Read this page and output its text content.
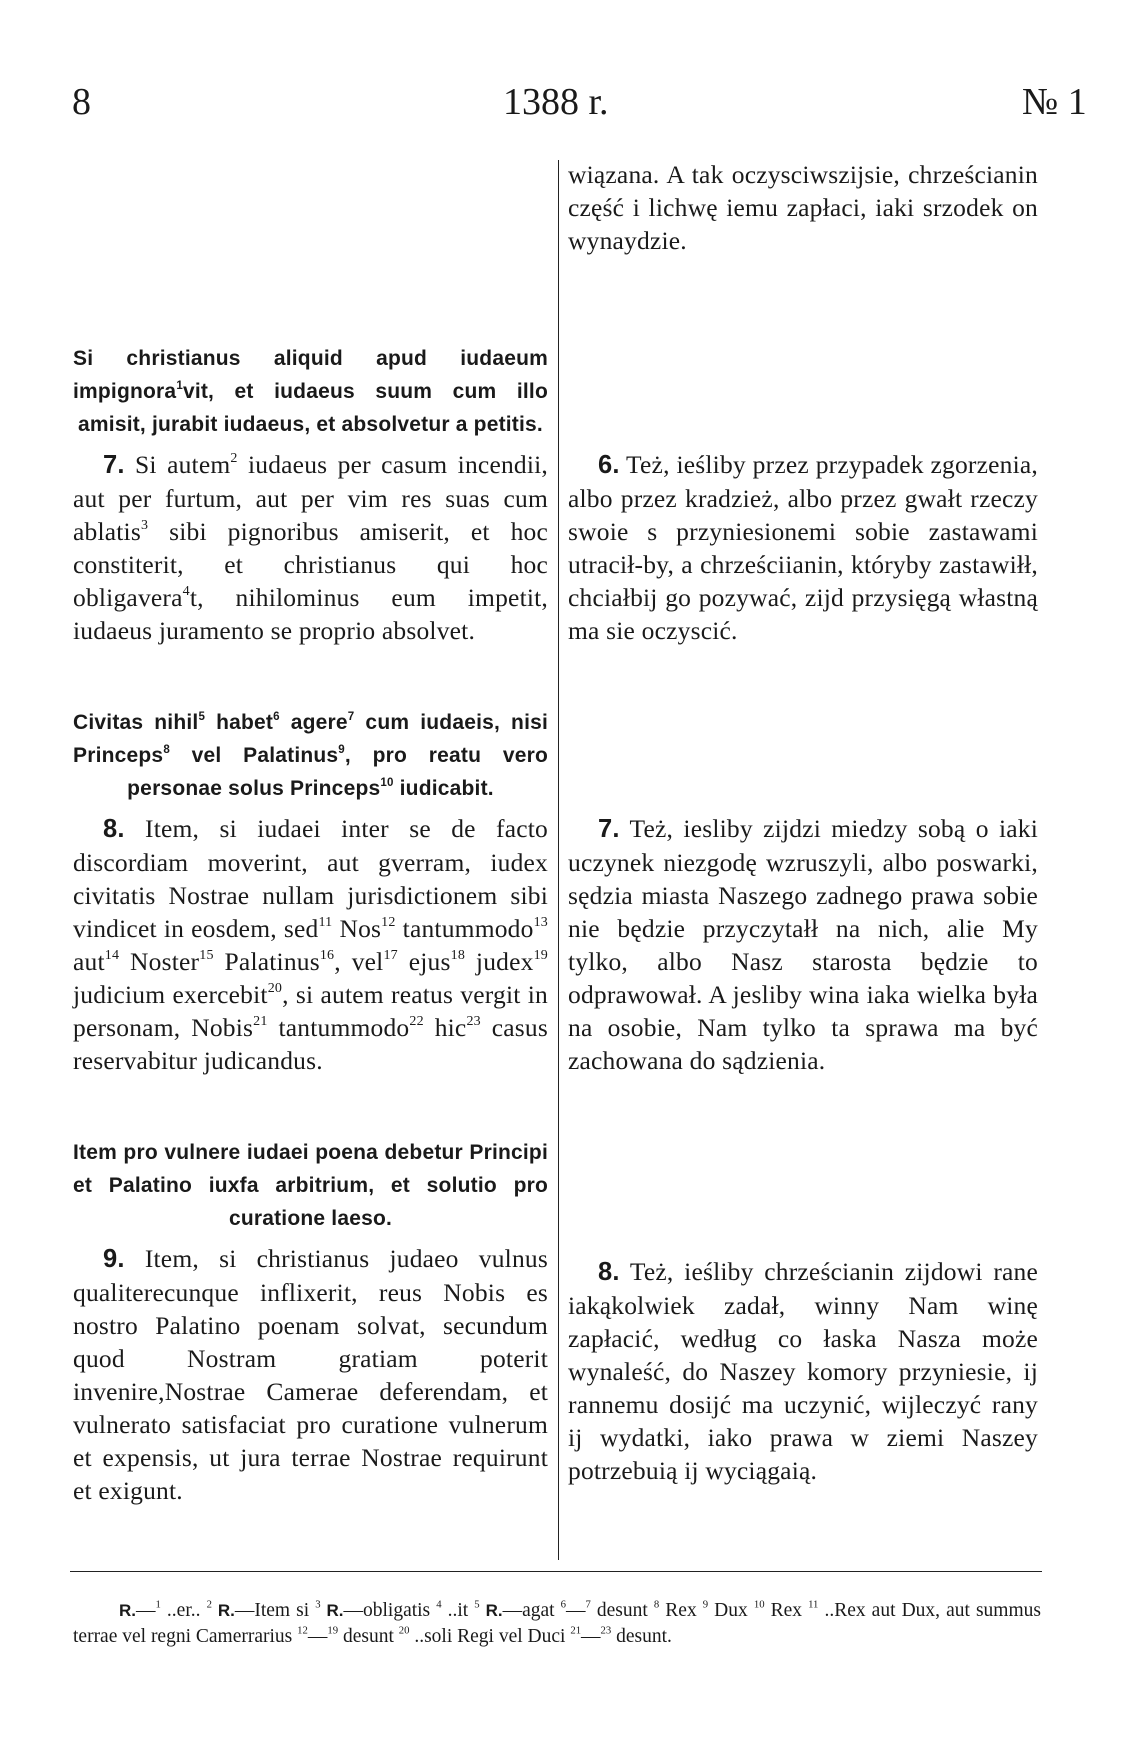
8	1388 r.	№ 1

wiązana. A tak oczysciwszijsie, chrześcianin część i lichwę iemu zapłaci, iaki srzodek on wynaydzie.

Si christianus aliquid apud iudaeum impignora$^1$vit, et iudaeus suum cum illo amisit, jurabit iudaeus, et absolvetur a petitis.

7. Si autem$^2$ iudaeus per casum incendii, aut per furtum, aut per vim res suas cum ablatis$^3$ sibi pignoribus amiserit, et hoc constiterit, et christianus qui hoc obligavera$^4$t, nihilominus eum impetit, iudaeus juramento se proprio absolvet.

6. Też, ieśliby przez przypadek zgorzenia, albo przez kradzież, albo przez gwałt rzeczy swoie s przyniesionemi sobie zastawami utracił-by, a chrześciianin, któryby zastawiłł, chciałbij go pozywać, zijd przysięgą włastną ma sie oczyscić.

Civitas nihil$^5$ habet$^6$ agere$^7$ cum iudaeis, nisi Princeps$^8$ vel Palatinus$^9$, pro reatu vero personae solus Princeps$^{10}$ iudicabit.

8. Item, si iudaei inter se de facto discordiam moverint, aut gverram, iudex civitatis Nostrae nullam jurisdictionem sibi vindicet in eosdem, sed$^{11}$ Nos$^{12}$ tantummodo$^{13}$ aut$^{14}$ Noster$^{15}$ Palatinus$^{16}$, vel$^{17}$ ejus$^{18}$ judex$^{19}$ judicium exercebit$^{20}$, si autem reatus vergit in personam, Nobis$^{21}$ tantummodo$^{22}$ hic$^{23}$ casus reservabitur judicandus.

7. Też, iesliby zijdzi miedzy sobą o iaki uczynek niezgodę wzruszyli, albo poswarki, sędzia miasta Naszego zadnego prawa sobie nie będzie przyczytałł na nich, alie My tylko, albo Nasz starosta będzie to odprawował. A jesliby wina iaka wielka była na osobie, Nam tylko ta sprawa ma być zachowana do sądzienia.

Item pro vulnere iudaei poena debetur Principi et Palatino iuxfa arbitrium, et solutio pro curatione laeso.

9. Item, si christianus judaeo vulnus qualiterecunque inflixerit, reus Nobis es nostro Palatino poenam solvat, secundum quod Nostram gratiam poterit invenire,Nostrae Camerae deferendam, et vulnerato satisfaciat pro curatione vulnerum et expensis, ut jura terrae Nostrae requirunt et exigunt.

8. Też, ieśliby chrześcianin zijdowi rane iakąkolwiek zadał, winny Nam winę zapłacić, według co łaska Nasza może wynaleść, do Naszey komory przyniesie, ij rannemu dosijć ma uczynić, wijleczyć rany ij wydatki, iako prawa w ziemi Naszey potrzebuią ij wyciągaią.

R.—$^1$ ..er.. $^2$ R.—Item si $^3$ R.—obligatis $^4$ ..it $^5$ R.—agat $^6$—$^7$ desunt $^8$ Rex $^9$ Dux $^{10}$ Rex $^{11}$ ..Rex aut Dux, aut summus terrae vel regni Camerrarius $^{12}$—$^{19}$ desunt $^{20}$ ..soli Regi vel Duci $^{21}$—$^{23}$ desunt.
